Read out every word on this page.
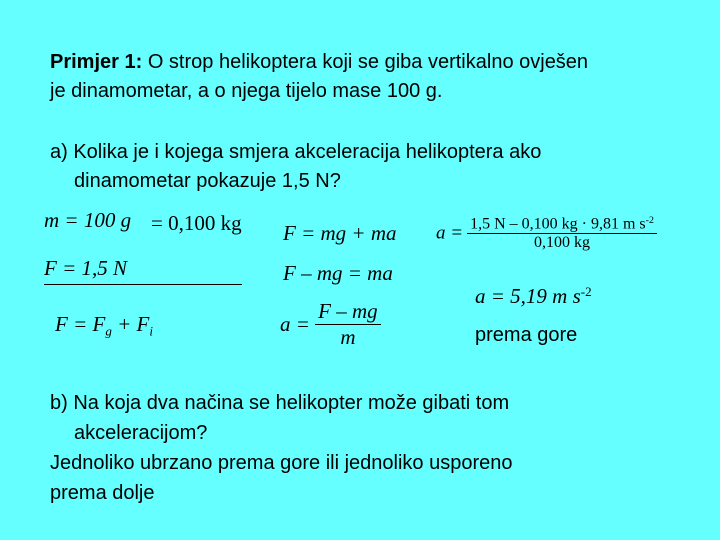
Primjer 1: O strop helikoptera koji se giba vertikalno ovješen
je dinamometar, a o njega tijelo mase 100 g.
a) Kolika je i kojega smjera akceleracija helikoptera ako
dinamometar pokazuje 1,5 N?
m = 100 g = 0,100 kg
F = 1,5 N
$F = F_g + F_i$
F = mg + ma
F – mg = ma
$a = \frac{F - mg}{m}$
$a = \frac{1,5 N - 0,100 kg \cdot 9,81 m s^{-2}}{0,100 kg}$
a = 5,19 m $s^{-2}$
prema gore
b) Na koja dva načina se helikopter može gibati tom
akceleracijom?
Jednoliko ubrzano prema gore ili jednoliko usporeno
prema dolje
